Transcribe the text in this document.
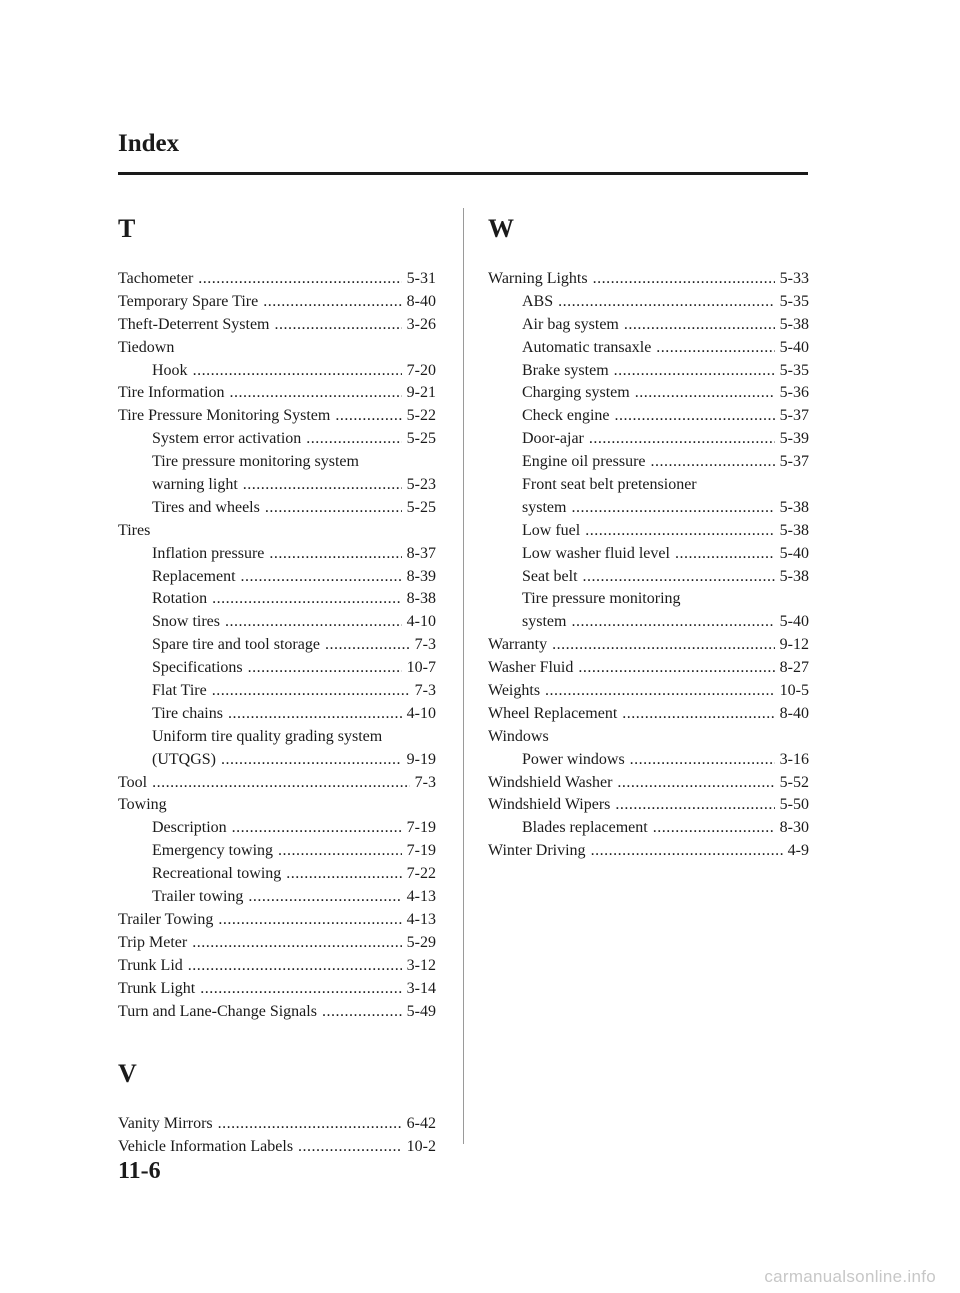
Index
T
Tachometer .....	5-31
Temporary Spare Tire .....	8-40
Theft-Deterrent System .....	3-26
Tiedown
Hook .....	7-20
Tire Information .....	9-21
Tire Pressure Monitoring System .....	5-22
System error activation .....	5-25
Tire pressure monitoring system
warning light .....	5-23
Tires and wheels .....	5-25
Tires
Inflation pressure .....	8-37
Replacement .....	8-39
Rotation .....	8-38
Snow tires .....	4-10
Spare tire and tool storage .....	7-3
Specifications .....	10-7
Flat Tire .....	7-3
Tire chains .....	4-10
Uniform tire quality grading system
(UTQGS) .....	9-19
Tool .....	7-3
Towing
Description .....	7-19
Emergency towing .....	7-19
Recreational towing .....	7-22
Trailer towing .....	4-13
Trailer Towing .....	4-13
Trip Meter .....	5-29
Trunk Lid .....	3-12
Trunk Light .....	3-14
Turn and Lane-Change Signals .....	5-49
V
Vanity Mirrors .....	6-42
Vehicle Information Labels .....	10-2
W
Warning Lights .....	5-33
ABS .....	5-35
Air bag system .....	5-38
Automatic transaxle .....	5-40
Brake system .....	5-35
Charging system .....	5-36
Check engine .....	5-37
Door-ajar .....	5-39
Engine oil pressure .....	5-37
Front seat belt pretensioner
system .....	5-38
Low fuel .....	5-38
Low washer fluid level .....	5-40
Seat belt .....	5-38
Tire pressure monitoring
system .....	5-40
Warranty .....	9-12
Washer Fluid .....	8-27
Weights .....	10-5
Wheel Replacement .....	8-40
Windows
Power windows .....	3-16
Windshield Washer .....	5-52
Windshield Wipers .....	5-50
Blades replacement .....	8-30
Winter Driving .....	4-9
11-6
carmanualsonline.info
